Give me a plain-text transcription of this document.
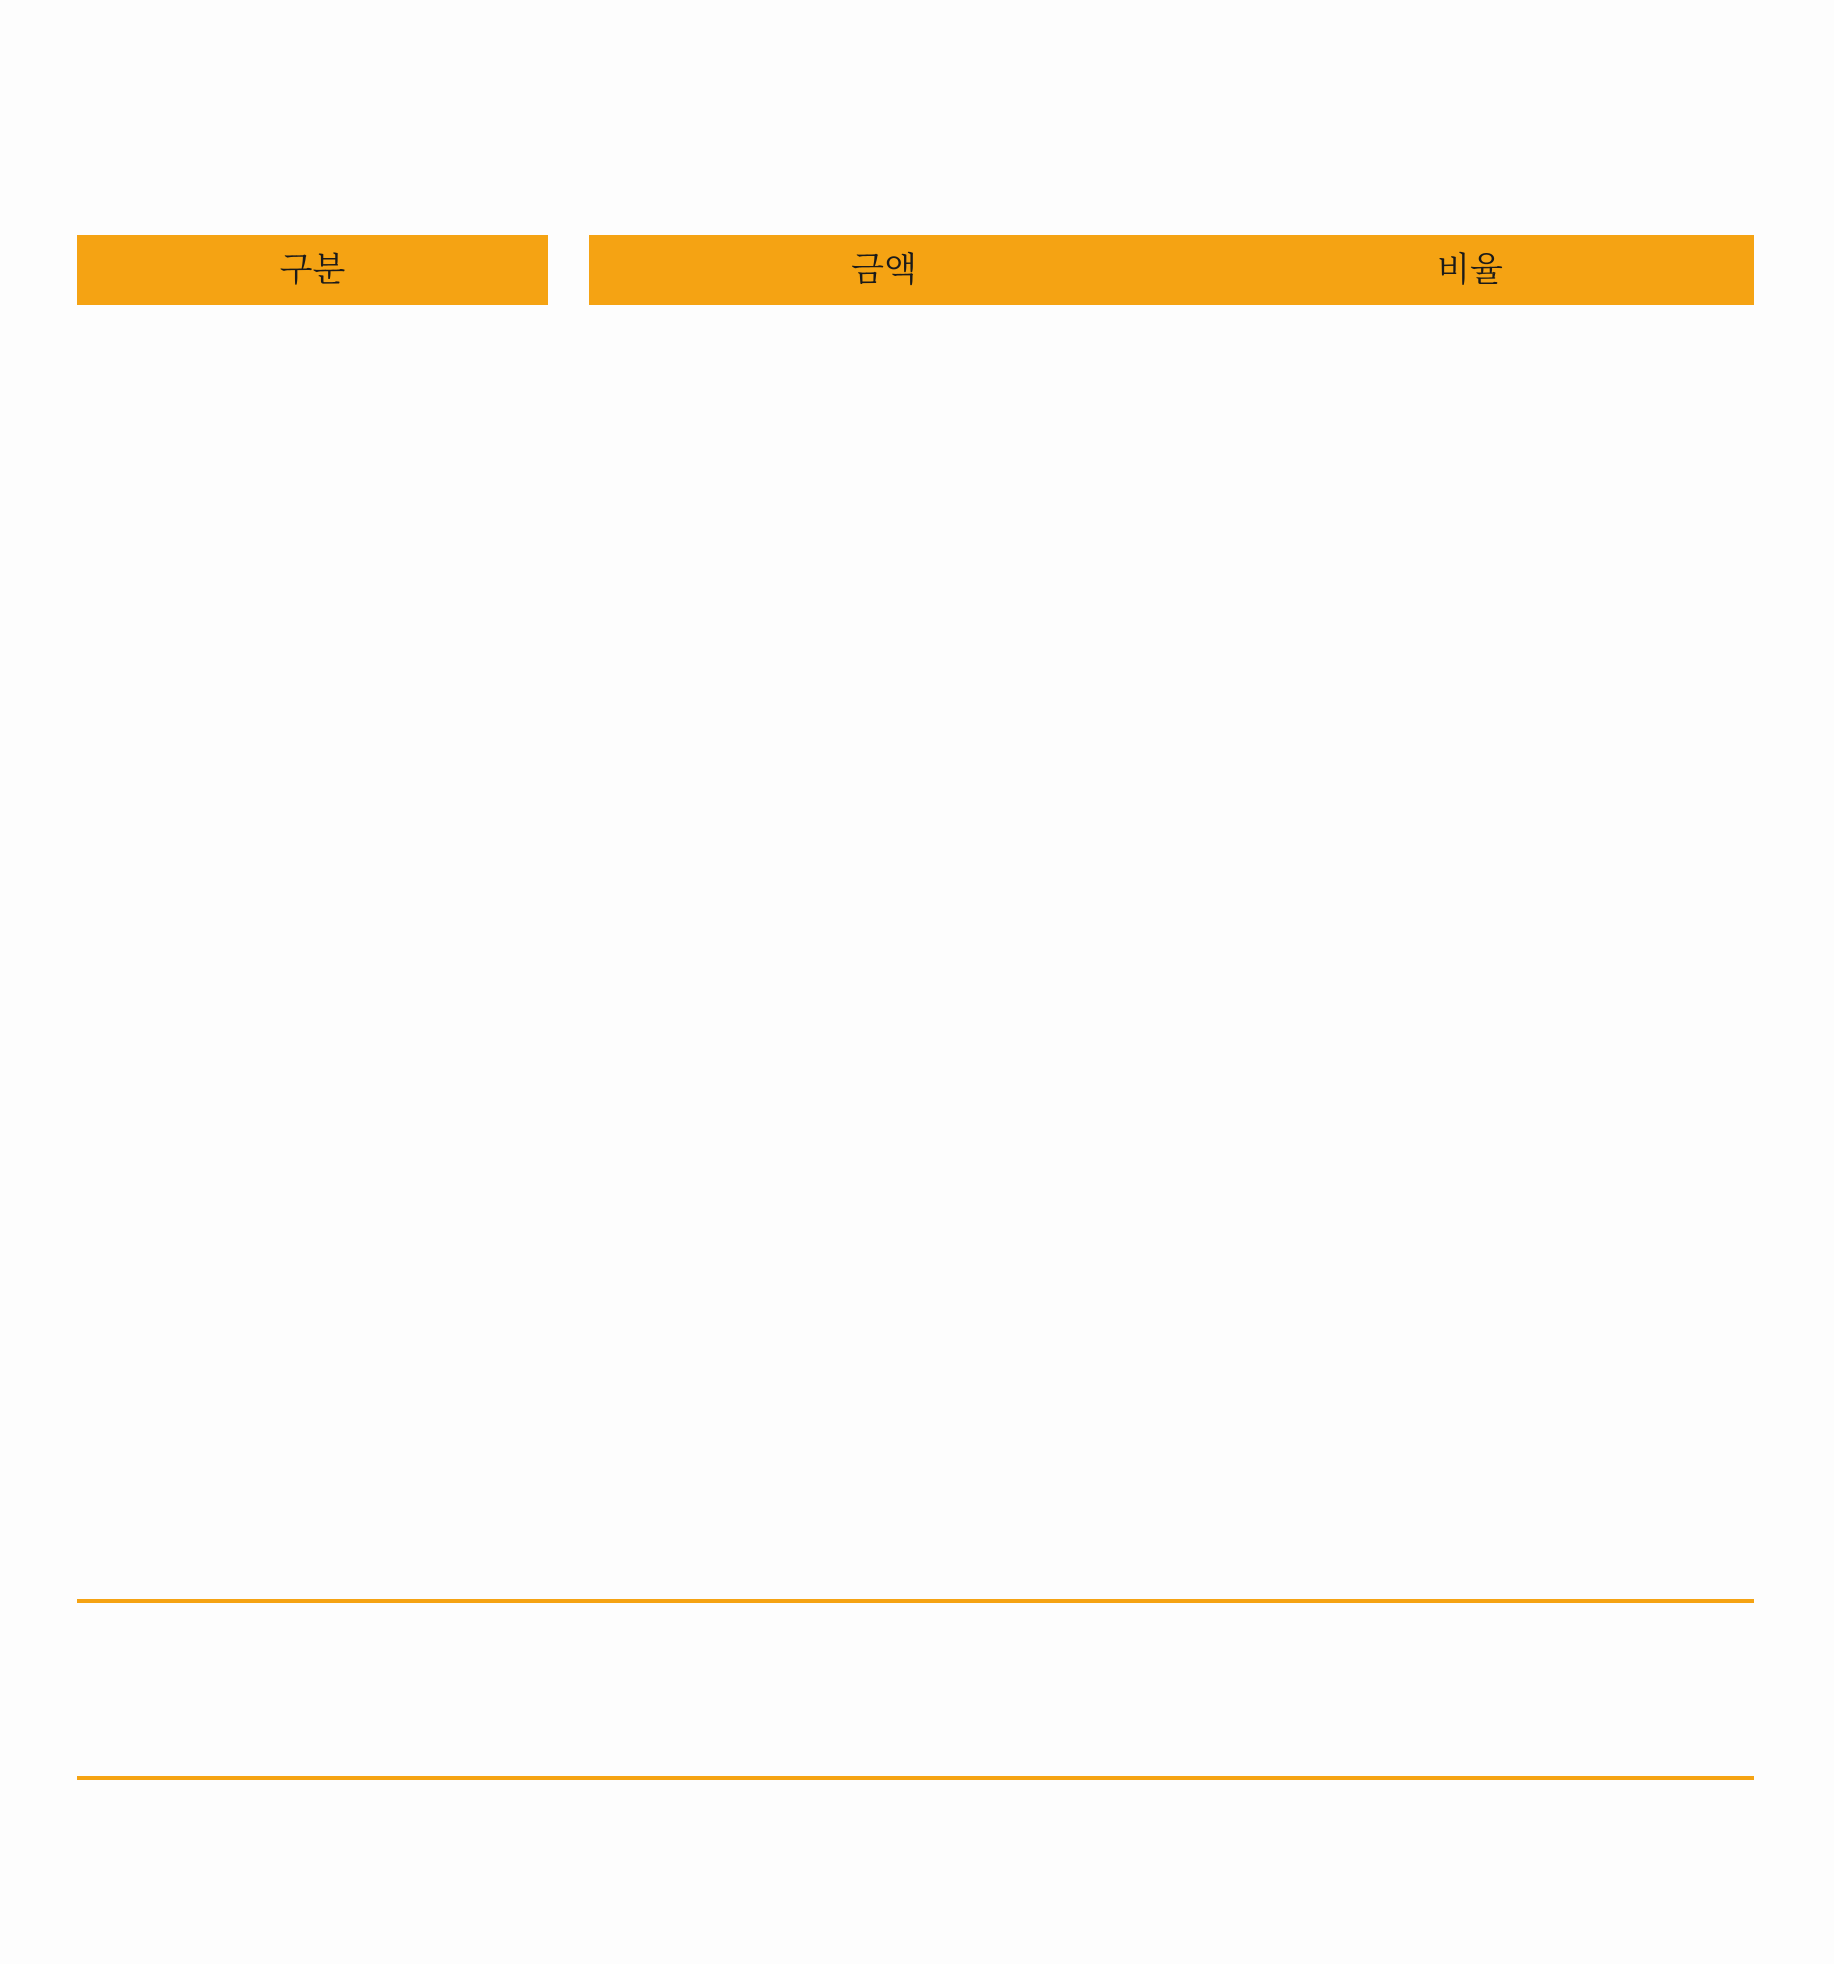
구분	금액	비율
